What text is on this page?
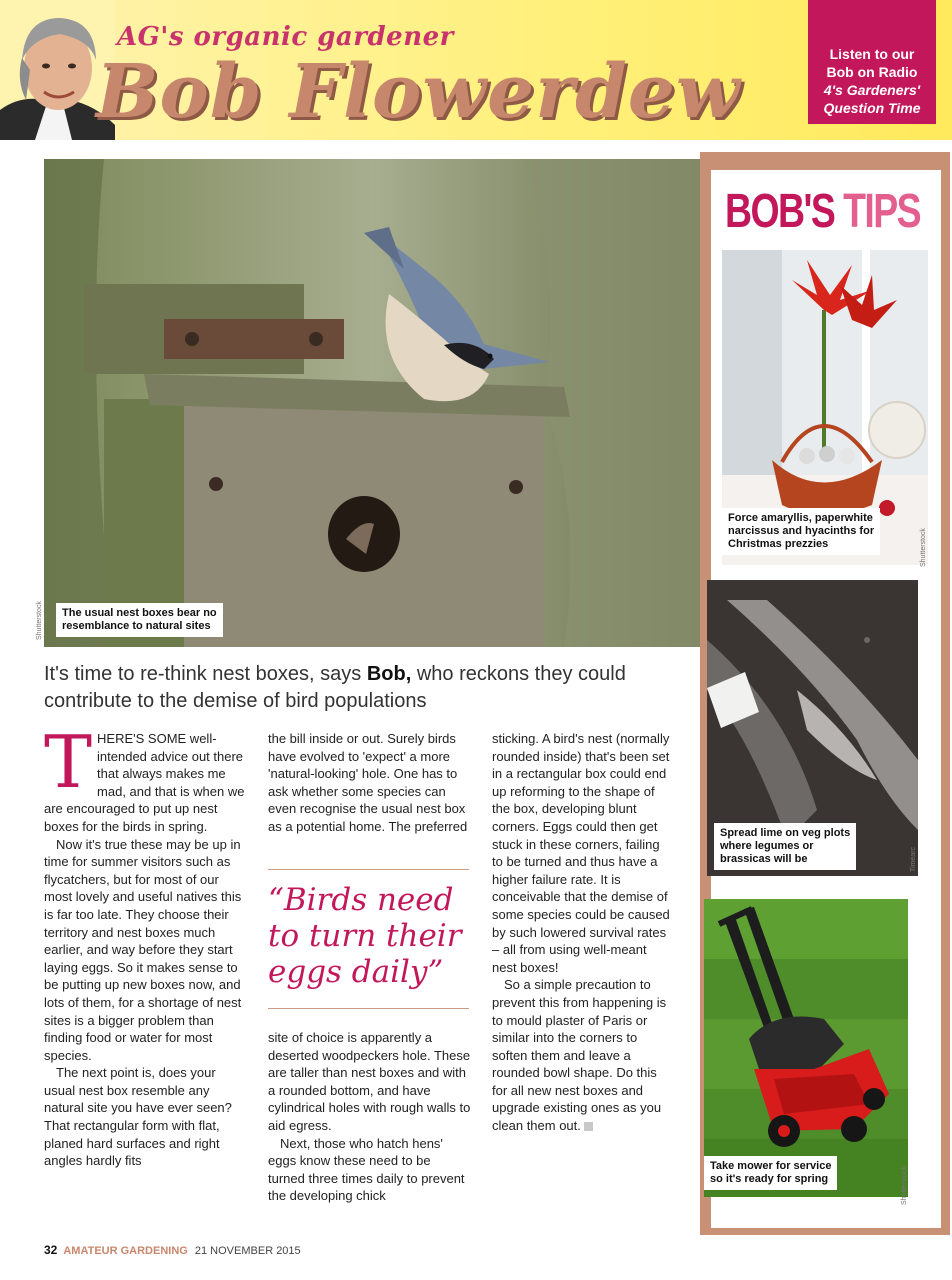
AG's organic gardener
Bob Flowerdew	Listen to our
Bob on Radio
4's Gardeners'
Question Time
The usual nest boxes bear no
resemblance to natural sites
Shutterstock
It's time to re-think nest boxes, says Bob, who reckons they could contribute to the demise of bird populations
T HERE'S SOME well-intended advice out there that always makes me mad, and that is when we are encouraged to put up nest boxes for the birds in spring.

Now it's true these may be up in time for summer visitors such as flycatchers, but for most of our most lovely and useful natives this is far too late. They choose their territory and nest boxes much earlier, and way before they start laying eggs. So it makes sense to be putting up new boxes now, and lots of them, for a shortage of nest sites is a bigger problem than finding food or water for most species.

The next point is, does your usual nest box resemble any natural site you have ever seen? That rectangular form with flat, planed hard surfaces and right angles hardly fits

the bill inside or out. Surely birds have evolved to 'expect' a more 'natural-looking' hole. One has to ask whether some species can even recognise the usual nest box as a potential home. The preferred

“Birds need to turn their eggs daily”

site of choice is apparently a deserted woodpeckers hole. These are taller than nest boxes and with a rounded bottom, and have cylindrical holes with rough walls to aid egress.

Next, those who hatch hens' eggs know these need to be turned three times daily to prevent the developing chick

sticking. A bird's nest (normally rounded inside) that's been set in a rectangular box could end up reforming to the shape of the box, developing blunt corners. Eggs could then get stuck in these corners, failing to be turned and thus have a higher failure rate. It is conceivable that the demise of some species could be caused by such lowered survival rates – all from using well-meant nest boxes!

So a simple precaution to prevent this from happening is to mould plaster of Paris or similar into the corners to soften them and leave a rounded bowl shape. Do this for all new nest boxes and upgrade existing ones as you clean them out.

BOB'S TIPS
Force amaryllis, paperwhite
narcissus and hyacinths for
Christmas prezzies	Shutterstock
Spread lime on veg plots
where legumes or
brassicas will be	Timearc
Take mower for service
so it's ready for spring	Shutterstock
32 AMATEUR GARDENING 21 NOVEMBER 2015
